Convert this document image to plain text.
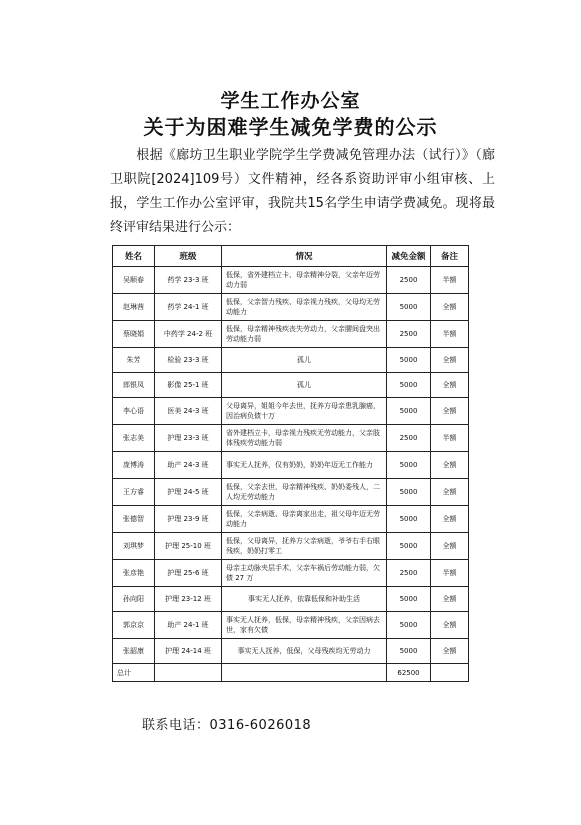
学生工作办公室
关于为困难学生减免学费的公示
根据《廊坊卫生职业学院学生学费减免管理办法（试行）》（廊卫职院[2024]109号）文件精神，经各系资助评审小组审核、上报，学生工作办公室评审，我院共15名学生申请学费减免。现将最终评审结果进行公示：
姓名	班级	情况	减免金额	备注
吴顺春	药学 23-3 班	低保，省外建档立卡、母亲精神分裂，父亲年迈劳动力弱	2500	半额
赵琳茜	药学 24-1 班	低保，父亲智力残疾、母亲视力残疾，父母均无劳动能力	5000	全额
蔡晓娟	中药学 24-2 班	低保，母亲精神残疾丧失劳动力，父亲腰间盘突出劳动能力弱	2500	半额
朱芳	检验 23-3 班	孤儿	5000	全额
郎银凤	影像 25-1 班	孤儿	5000	全额
李心语	医美 24-3 班	父母离异，姐姐今年去世，抚养方母亲患乳腺癌，因治病负债十万	5000	全额
张志美	护理 23-3 班	省外建档立卡，母亲视力残疾无劳动能力，父亲肢体残疾劳动能力弱	2500	半额
庞博涛	助产 24-3 班	事实无人抚养，仅有奶奶，奶奶年迈无工作能力	5000	全额
王方睿	护理 24-5 班	低保，父亲去世，母亲精神残疾、奶奶委残人，二人均无劳动能力	5000	全额
张德智	护理 23-9 班	低保，父亲病逝、母亲离家出走，祖父母年迈无劳动能力	5000	全额
刘琪梦	护理 25-10 班	低保，父母离异，抚养方父亲病逝，爷爷右手右眼残疾，奶奶打零工	5000	全额
张彦艳	护理 25-6 班	母亲主动脉夹层手术，父亲车祸后劳动能力弱，欠债 27 万	2500	半额
孙向阳	护理 23-12 班	事实无人抚养，依靠低保和补助生活	5000	全额
郭京京	助产 24-1 班	事实无人抚养，低保，母亲精神残疾，父亲因病去世，家有欠债	5000	全额
张韶康	护理 24-14 班	事实无人抚养，低保，父母残疾均无劳动力	5000	全额
总计			62500	
联系电话：0316-6026018
